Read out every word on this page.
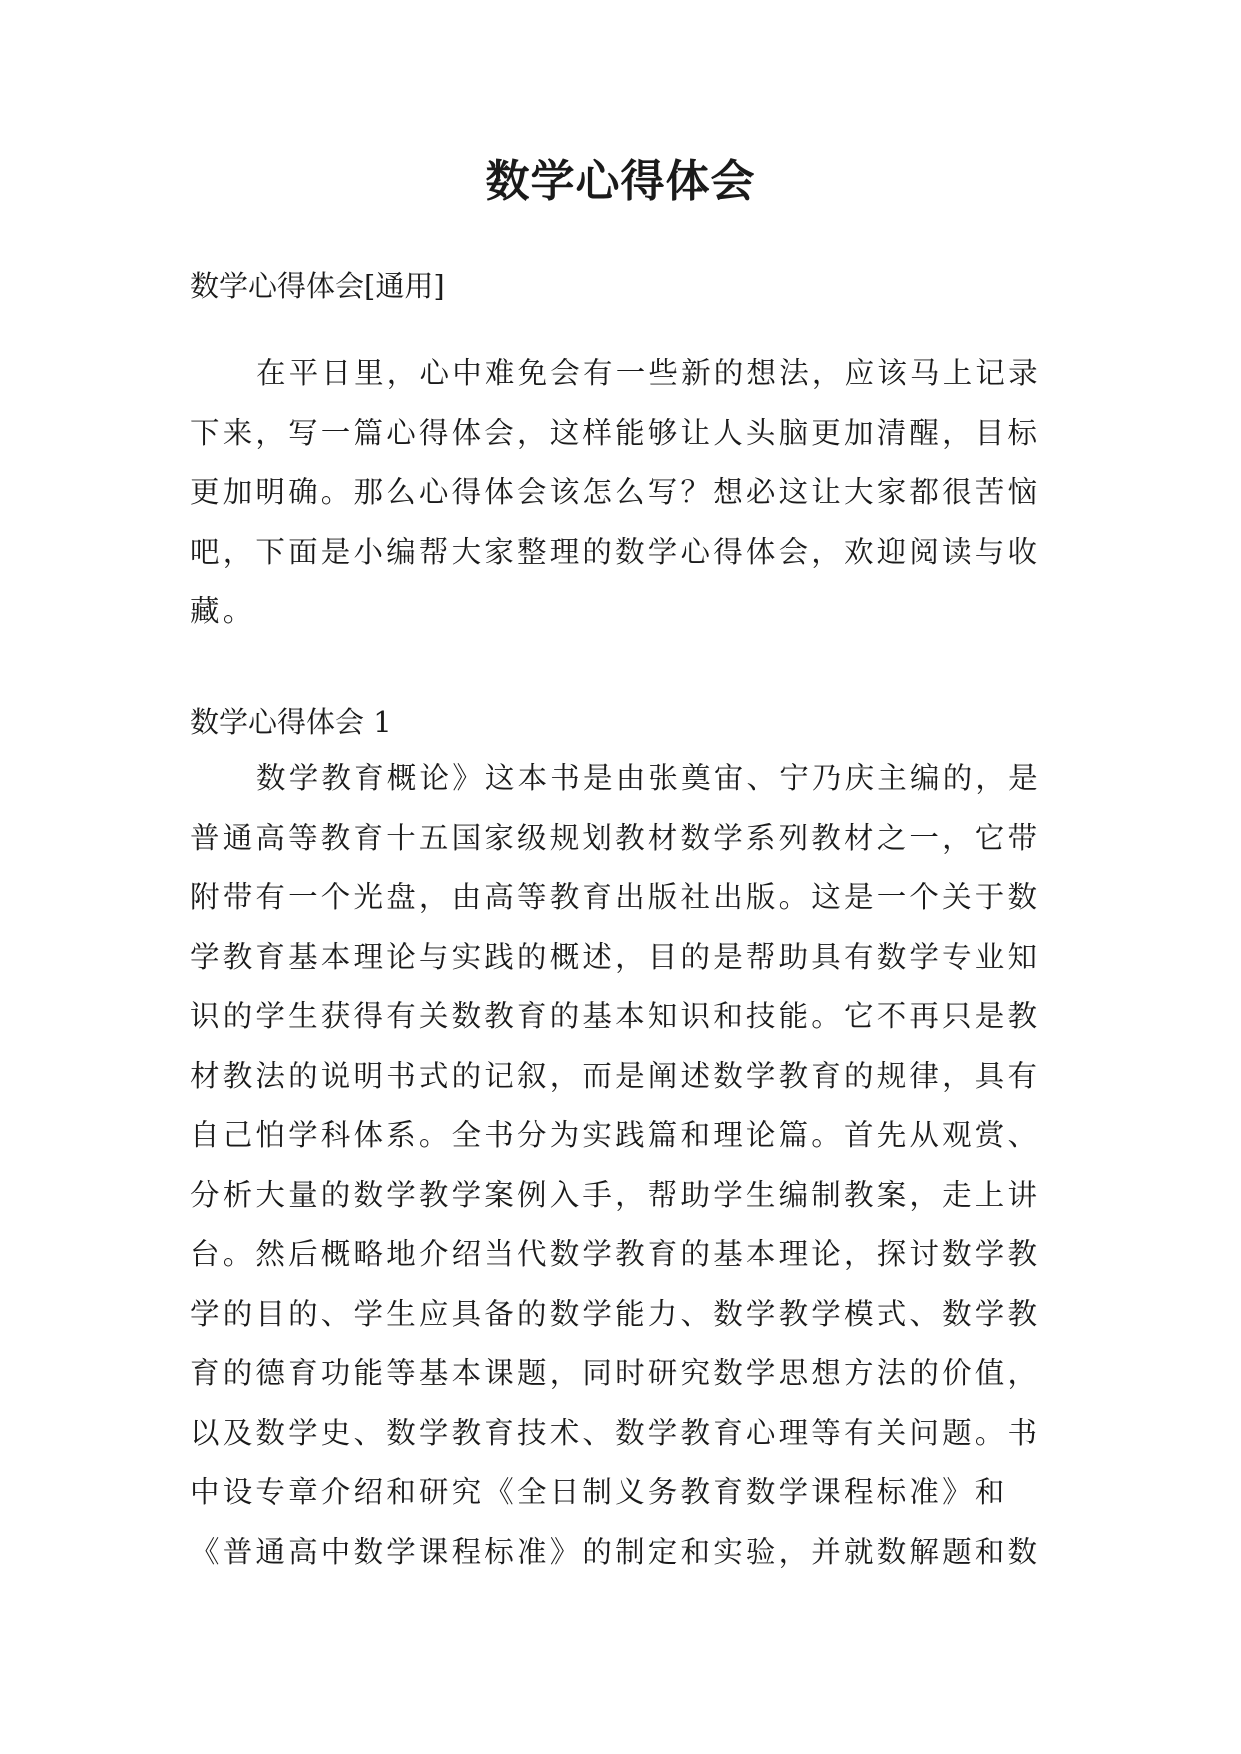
数学心得体会
数学心得体会[通用]
在平日里，心中难免会有一些新的想法，应该马上记录
下来，写一篇心得体会，这样能够让人头脑更加清醒，目标
更加明确。那么心得体会该怎么写？想必这让大家都很苦恼
吧，下面是小编帮大家整理的数学心得体会，欢迎阅读与收
藏。
数学心得体会 1
数学教育概论》这本书是由张奠宙、宁乃庆主编的，是
普通高等教育十五国家级规划教材数学系列教材之一，它带
附带有一个光盘，由高等教育出版社出版。这是一个关于数
学教育基本理论与实践的概述，目的是帮助具有数学专业知
识的学生获得有关数教育的基本知识和技能。它不再只是教
材教法的说明书式的记叙，而是阐述数学教育的规律，具有
自己怕学科体系。全书分为实践篇和理论篇。首先从观赏、
分析大量的数学教学案例入手，帮助学生编制教案，走上讲
台。然后概略地介绍当代数学教育的基本理论，探讨数学教
学的目的、学生应具备的数学能力、数学教学模式、数学教
育的德育功能等基本课题，同时研究数学思想方法的价值，
以及数学史、数学教育技术、数学教育心理等有关问题。书
中设专章介绍和研究《全日制义务教育数学课程标准》和
《普通高中数学课程标准》的制定和实验，并就数解题和数
